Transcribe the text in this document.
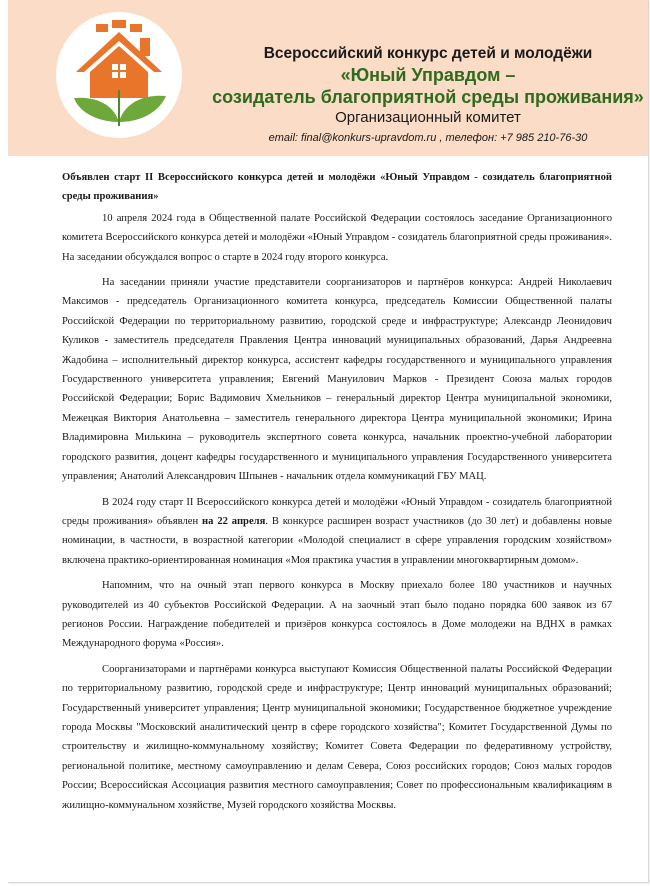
Всероссийский конкурс детей и молодёжи
«Юный Управдом –
созидатель благоприятной среды проживания»
Организационный комитет
email: final@konkurs-upravdom.ru , телефон: +7 985 210-76-30

Объявлен старт II Всероссийского конкурса детей и молодёжи «Юный Управдом - созидатель благоприятной среды проживания»

10 апреля 2024 года в Общественной палате Российской Федерации состоялось заседание Организационного комитета Всероссийского конкурса детей и молодёжи «Юный Управдом - созидатель благоприятной среды проживания». На заседании обсуждался вопрос о старте в 2024 году второго конкурса.

На заседании приняли участие представители соорганизаторов и партнёров конкурса: Андрей Николаевич Максимов - председатель Организационного комитета конкурса, председатель Комиссии Общественной палаты Российской Федерации по территориальному развитию, городской среде и инфраструктуре; Александр Леонидович Куликов - заместитель председателя Правления Центра инноваций муниципальных образований, Дарья Андреевна Жадобина – исполнительный директор конкурса, ассистент кафедры государственного и муниципального управления Государственного университета управления; Евгений Мануилович Марков - Президент Союза малых городов Российской Федерации; Борис Вадимович Хмельников – генеральный директор Центра муниципальной экономики, Межецкая Виктория Анатольевна – заместитель генерального директора Центра муниципальной экономики; Ирина Владимировна Милькина – руководитель экспертного совета конкурса, начальник проектно-учебной лаборатории городского развития, доцент кафедры государственного и муниципального управления Государственного университета управления; Анатолий Александрович Шпынев - начальник отдела коммуникаций ГБУ МАЦ.

В 2024 году старт II Всероссийского конкурса детей и молодёжи «Юный Управдом - созидатель благоприятной среды проживания» объявлен на 22 апреля. В конкурсе расширен возраст участников (до 30 лет) и добавлены новые номинации, в частности, в возрастной категории «Молодой специалист в сфере управления городским хозяйством» включена практико-ориентированная номинация «Моя практика участия в управлении многоквартирным домом».

Напомним, что на очный этап первого конкурса в Москву приехало более 180 участников и научных руководителей из 40 субъектов Российской Федерации. А на заочный этап было подано порядка 600 заявок из 67 регионов России. Награждение победителей и призёров конкурса состоялось в Доме молодежи на ВДНХ в рамках Международного форума «Россия».

Соорганизаторами и партнёрами конкурса выступают Комиссия Общественной палаты Российской Федерации по территориальному развитию, городской среде и инфраструктуре; Центр инноваций муниципальных образований; Государственный университет управления; Центр муниципальной экономики; Государственное бюджетное учреждение города Москвы "Московский аналитический центр в сфере городского хозяйства"; Комитет Государственной Думы по строительству и жилищно-коммунальному хозяйству; Комитет Совета Федерации по федеративному устройству, региональной политике, местному самоуправлению и делам Севера, Союз российских городов; Союз малых городов России; Всероссийская Ассоциация развития местного самоуправления; Совет по профессиональным квалификациям в жилищно-коммунальном хозяйстве, Музей городского хозяйства Москвы.
